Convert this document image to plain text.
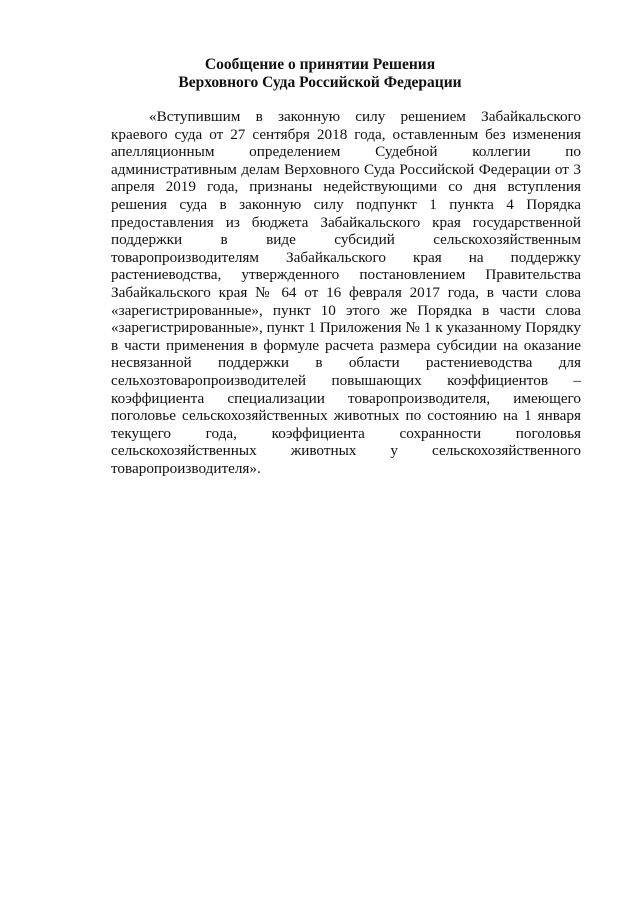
Сообщение о принятии Решения
Верховного Суда Российской Федерации

«Вступившим в законную силу решением Забайкальского краевого суда от 27 сентября 2018 года, оставленным без изменения апелляционным определением Судебной коллегии по административным делам Верховного Суда Российской Федерации от 3 апреля 2019 года, признаны недействующими со дня вступления решения суда в законную силу подпункт 1 пункта 4 Порядка предоставления из бюджета Забайкальского края государственной поддержки в виде субсидий сельскохозяйственным товаропроизводителям Забайкальского края на поддержку растениеводства, утвержденного постановлением Правительства Забайкальского края № 64 от 16 февраля 2017 года, в части слова «зарегистрированные», пункт 10 этого же Порядка в части слова «зарегистрированные», пункт 1 Приложения № 1 к указанному Порядку в части применения в формуле расчета размера субсидии на оказание несвязанной поддержки в области растениеводства для сельхозтоваропроизводителей повышающих коэффициентов – коэффициента специализации товаропроизводителя, имеющего поголовье сельскохозяйственных животных по состоянию на 1 января текущего года, коэффициента сохранности поголовья сельскохозяйственных животных у сельскохозяйственного товаропроизводителя».
